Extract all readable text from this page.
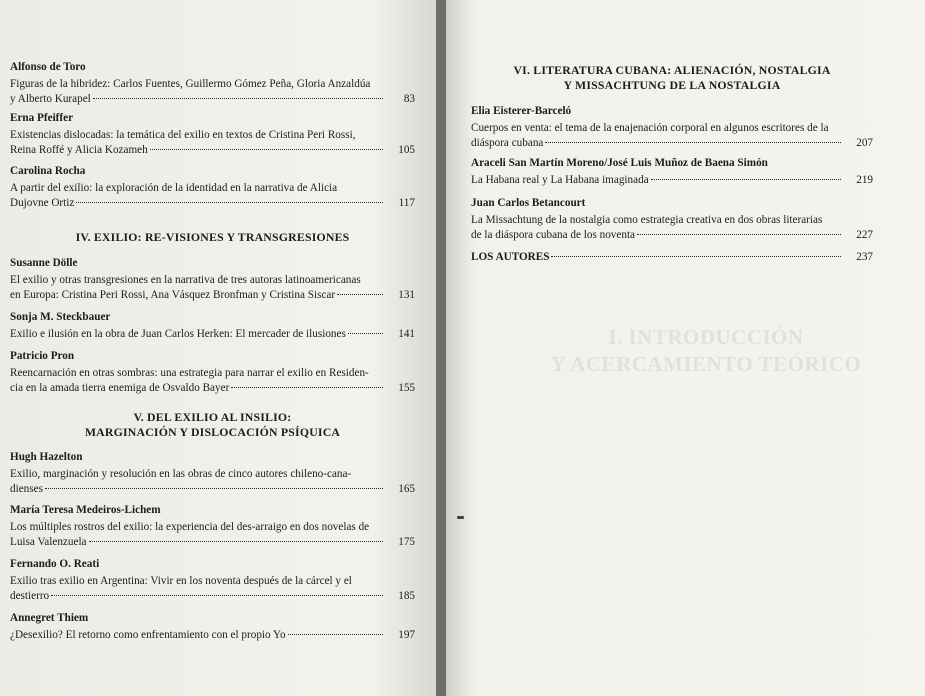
Alfonso de Toro
Figuras de la hibridez: Carlos Fuentes, Guillermo Gómez Peña, Gloria Anzaldúa
y Alberto Kurapel	83
Erna Pfeiffer
Existencias dislocadas: la temática del exilio en textos de Cristina Peri Rossi,
Reina Roffé y Alicia Kozameh	105
Carolina Rocha
A partir del exilio: la exploración de la identidad en la narrativa de Alicia
Dujovne Ortiz	117
IV. EXILIO: RE-VISIONES Y TRANSGRESIONES
Susanne Dölle
El exilio y otras transgresiones en la narrativa de tres autoras latinoamericanas
en Europa: Cristina Peri Rossi, Ana Vásquez Bronfman y Cristina Siscar	131
Sonja M. Steckbauer
Exilio e ilusión en la obra de Juan Carlos Herken: El mercader de ilusiones	141
Patricio Pron
Reencarnación en otras sombras: una estrategia para narrar el exilio en Residen-
cia en la amada tierra enemiga de Osvaldo Bayer	155
V. DEL EXILIO AL INSILIO:
MARGINACIÓN Y DISLOCACIÓN PSÍQUICA
Hugh Hazelton
Exilio, marginación y resolución en las obras de cinco autores chileno-cana-
dienses	165
María Teresa Medeiros-Lichem
Los múltiples rostros del exilio: la experiencia del des-arraigo en dos novelas de
Luisa Valenzuela	175
Fernando O. Reati
Exilio tras exilio en Argentina: Vivir en los noventa después de la cárcel y el
destierro	185
Annegret Thiem
¿Desexilio? El retorno como enfrentamiento con el propio Yo	197
I. INTRODUCCIÓN
Y ACERCAMIENTO TEÓRICO
VI. LITERATURA CUBANA: ALIENACIÓN, NOSTALGIA
Y MISSACHTUNG DE LA NOSTALGIA
Elia Eisterer-Barceló
Cuerpos en venta: el tema de la enajenación corporal en algunos escritores de la
diáspora cubana	207
Araceli San Martín Moreno/José Luis Muñoz de Baena Simón
La Habana real y La Habana imaginada	219
Juan Carlos Betancourt
La Missachtung de la nostalgia como estrategia creativa en dos obras literarias
de la diáspora cubana de los noventa	227
LOS AUTORES	237
